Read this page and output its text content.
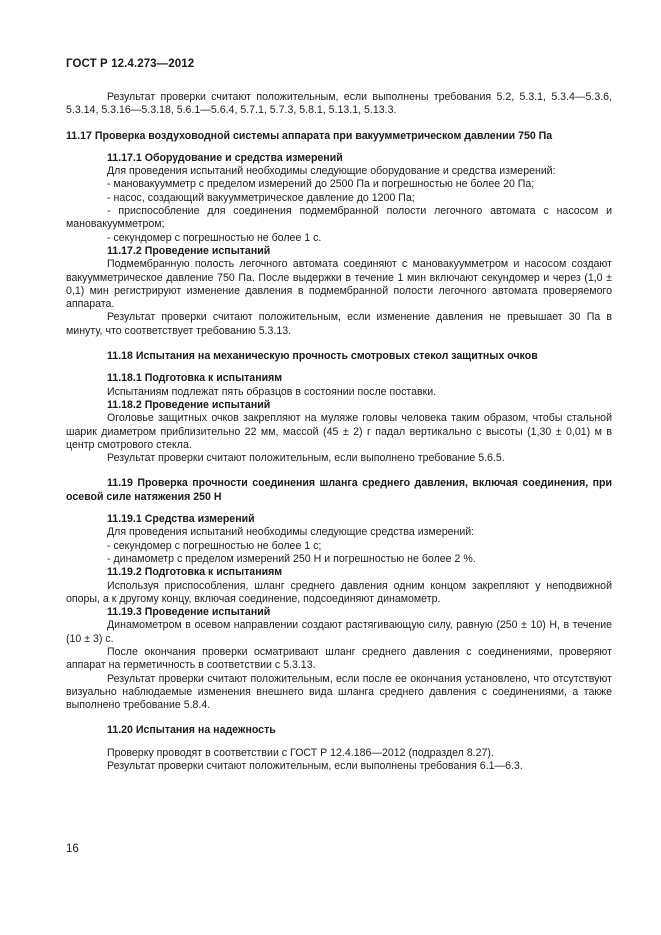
ГОСТ Р 12.4.273—2012

Результат проверки считают положительным, если выполнены требования 5.2, 5.3.1, 5.3.4—5.3.6, 5.3.14, 5.3.16—5.3.18, 5.6.1—5.6.4, 5.7.1, 5.7.3, 5.8.1, 5.13.1, 5.13.3.

11.17 Проверка воздуховодной системы аппарата при вакуумметрическом давлении 750 Па

11.17.1 Оборудование и средства измерений

Для проведения испытаний необходимы следующие оборудование и средства измерений:

- мановакуумметр с пределом измерений до 2500 Па и погрешностью не более 20 Па;

- насос, создающий вакуумметрическое давление до 1200 Па;

- приспособление для соединения подмембранной полости легочного автомата с насосом и мановакуумметром;

- секундомер с погрешностью не более 1 с.

11.17.2 Проведение испытаний

Подмембранную полость легочного автомата соединяют с мановакуумметром и насосом создают вакуумметрическое давление 750 Па. После выдержки в течение 1 мин включают секундомер и через (1,0 ± 0,1) мин регистрируют изменение давления в подмембранной полости легочного автомата проверяемого аппарата.

Результат проверки считают положительным, если изменение давления не превышает 30 Па в минуту, что соответствует требованию 5.3.13.

11.18 Испытания на механическую прочность смотровых стекол защитных очков

11.18.1 Подготовка к испытаниям

Испытаниям подлежат пять образцов в состоянии после поставки.

11.18.2 Проведение испытаний

Оголовье защитных очков закрепляют на муляже головы человека таким образом, чтобы стальной шарик диаметром приблизительно 22 мм, массой (45 ± 2) г падал вертикально с высоты (1,30 ± 0,01) м в центр смотрового стекла.

Результат проверки считают положительным, если выполнено требование 5.6.5.

11.19 Проверка прочности соединения шланга среднего давления, включая соединения, при осевой силе натяжения 250 Н

11.19.1 Средства измерений

Для проведения испытаний необходимы следующие средства измерений:

- секундомер с погрешностью не более 1 с;

- динамометр с пределом измерений 250 Н и погрешностью не более 2 %.

11.19.2 Подготовка к испытаниям

Используя приспособления, шланг среднего давления одним концом закрепляют у неподвижной опоры, а к другому концу, включая соединение, подсоединяют динамометр.

11.19.3 Проведение испытаний

Динамометром в осевом направлении создают растягивающую силу, равную (250 ± 10) Н, в течение (10 ± 3) с.

После окончания проверки осматривают шланг среднего давления с соединениями, проверяют аппарат на герметичность в соответствии с 5.3.13.

Результат проверки считают положительным, если после ее окончания установлено, что отсутствуют визуально наблюдаемые изменения внешнего вида шланга среднего давления с соединениями, а также выполнено требование 5.8.4.

11.20 Испытания на надежность

Проверку проводят в соответствии с ГОСТ Р 12.4.186—2012 (подраздел 8.27).

Результат проверки считают положительным, если выполнены требования 6.1—6.3.

16
